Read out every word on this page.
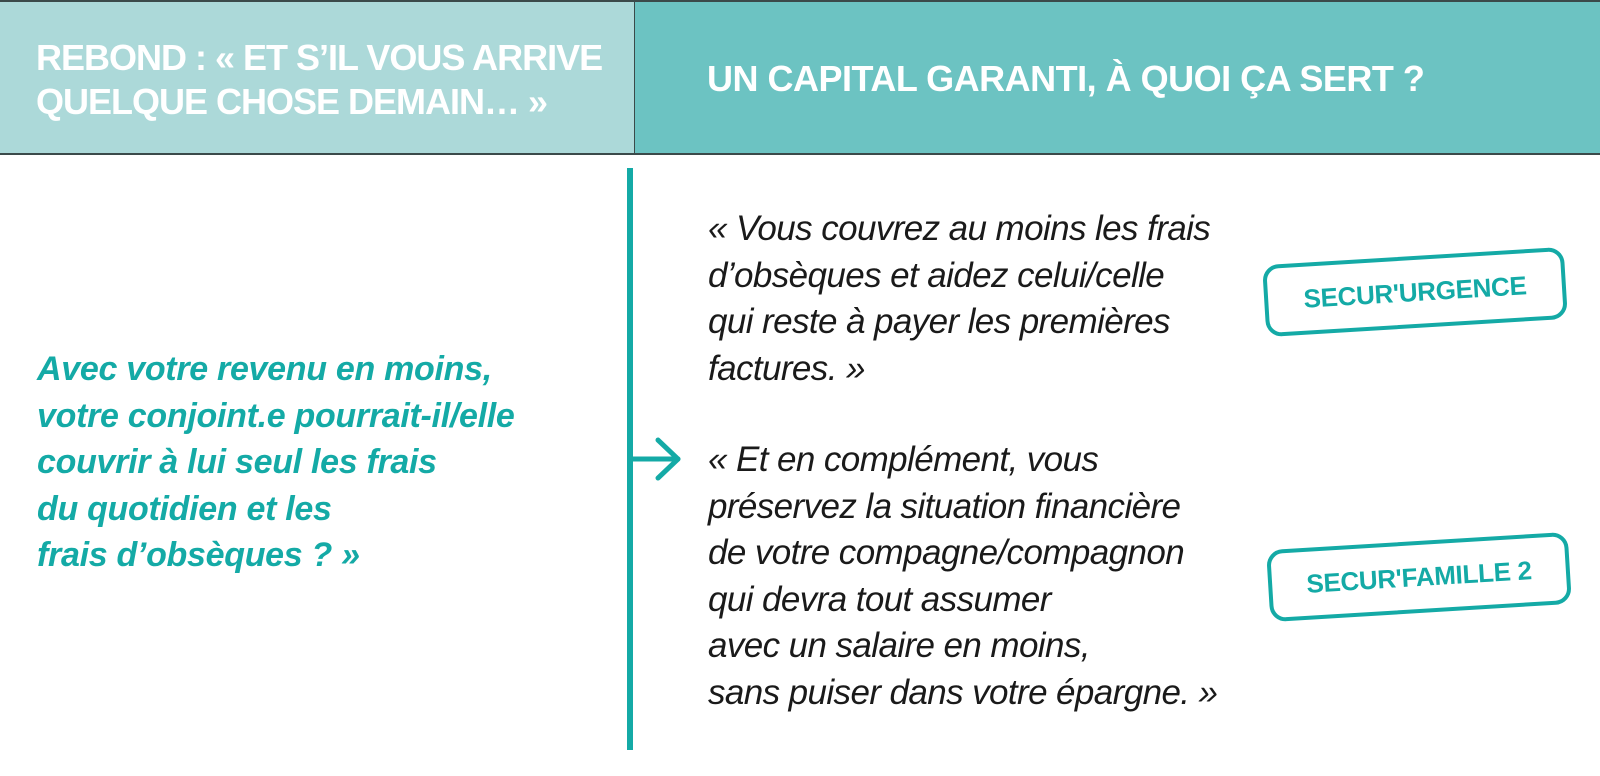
REBOND : « ET S’IL VOUS ARRIVE
QUELQUE CHOSE DEMAIN… »
UN CAPITAL GARANTI, À QUOI ÇA SERT ?
Avec votre revenu en moins,
votre conjoint.e pourrait-il/elle
couvrir à lui seul les frais
du quotidien et les
frais d’obsèques ? »
« Vous couvrez au moins les frais
d’obsèques et aidez celui/celle
qui reste à payer les premières
factures. »
« Et en complément, vous
préservez la situation financière
de votre compagne/compagnon
qui devra tout assumer
avec un salaire en moins,
sans puiser dans votre épargne. »
SECUR'URGENCE
SECUR'FAMILLE 2
